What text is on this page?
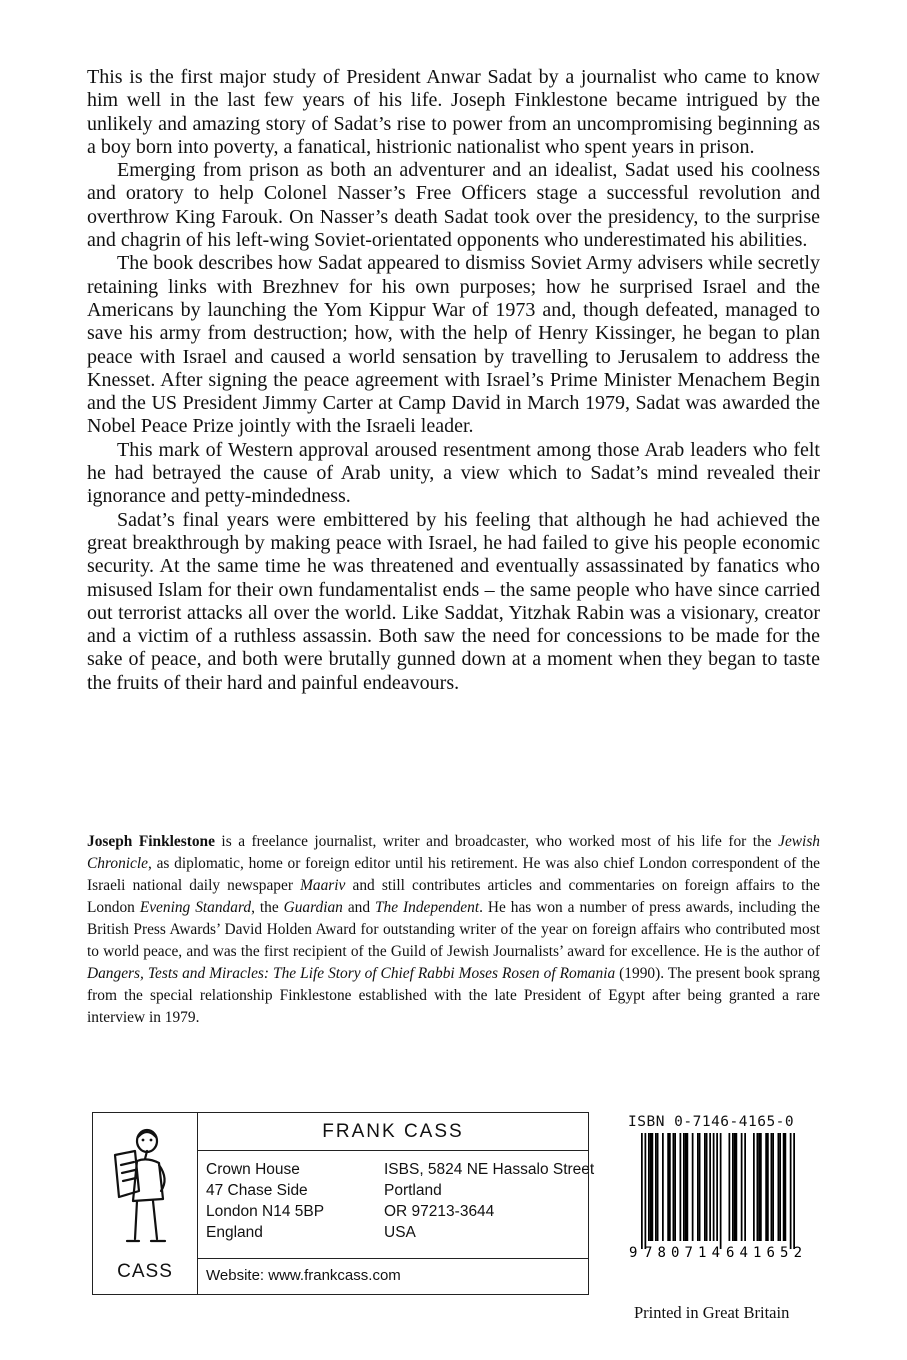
This is the first major study of President Anwar Sadat by a journalist who came to know him well in the last few years of his life. Joseph Finklestone became intrigued by the unlikely and amazing story of Sadat’s rise to power from an uncompromising beginning as a boy born into poverty, a fanatical, histrionic nationalist who spent years in prison.

Emerging from prison as both an adventurer and an idealist, Sadat used his coolness and oratory to help Colonel Nasser’s Free Officers stage a successful revolution and overthrow King Farouk. On Nasser’s death Sadat took over the presidency, to the surprise and chagrin of his left-wing Soviet-orientated opponents who underestimated his abilities.

The book describes how Sadat appeared to dismiss Soviet Army advisers while secretly retaining links with Brezhnev for his own purposes; how he surprised Israel and the Americans by launching the Yom Kippur War of 1973 and, though defeated, managed to save his army from destruction; how, with the help of Henry Kissinger, he began to plan peace with Israel and caused a world sensation by travelling to Jerusalem to address the Knesset. After signing the peace agreement with Israel’s Prime Minister Menachem Begin and the US President Jimmy Carter at Camp David in March 1979, Sadat was awarded the Nobel Peace Prize jointly with the Israeli leader.

This mark of Western approval aroused resentment among those Arab leaders who felt he had betrayed the cause of Arab unity, a view which to Sadat’s mind revealed their ignorance and petty-mindedness.

Sadat’s final years were embittered by his feeling that although he had achieved the great breakthrough by making peace with Israel, he had failed to give his people economic security. At the same time he was threatened and eventually assassinated by fanatics who misused Islam for their own fundamentalist ends – the same people who have since carried out terrorist attacks all over the world. Like Saddat, Yitzhak Rabin was a visionary, creator and a victim of a ruthless assassin. Both saw the need for concessions to be made for the sake of peace, and both were brutally gunned down at a moment when they began to taste the fruits of their hard and painful endeavours.

Joseph Finklestone is a freelance journalist, writer and broadcaster, who worked most of his life for the Jewish Chronicle, as diplomatic, home or foreign editor until his retirement. He was also chief London correspondent of the Israeli national daily newspaper Maariv and still contributes articles and commentaries on foreign affairs to the London Evening Standard, the Guardian and The Independent. He has won a number of press awards, including the British Press Awards’ David Holden Award for outstanding writer of the year on foreign affairs who contributed most to world peace, and was the first recipient of the Guild of Jewish Journalists’ award for excellence. He is the author of Dangers, Tests and Miracles: The Life Story of Chief Rabbi Moses Rosen of Romania (1990). The present book sprang from the special relationship Finklestone established with the late President of Egypt after being granted a rare interview in 1979.

CASS
FRANK CASS
Crown House
47 Chase Side
London N14 5BP
England
ISBS, 5824 NE Hassalo Street
Portland
OR 97213-3644
USA
Website: www.frankcass.com
ISBN 0-7146-4165-0
9 780714 641652
Printed in Great Britain
